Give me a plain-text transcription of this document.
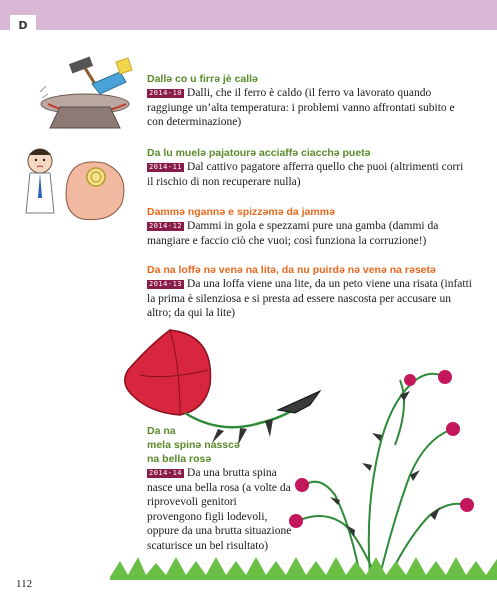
D
Dallə co u firrə jè callə
2014-10 Dalli, che il ferro è caldo (il ferro va lavorato quando raggiunge un’alta temperatura: i problemi vanno affrontati subito e con determinazione)
Da lu muelə pajatourə acciaffə ciacchə puetə
2014-11 Dal cattivo pagatore afferra quello che puoi (altrimenti corri il rischio di non recuperare nulla)
Dammə ngannə e spizzəmə da jammə
2014-12 Dammi in gola e spezzami pure una gamba (dammi da mangiare e faccio ciò che vuoi; così funziona la corruzione!)
Da na loffə nə venə na litə, da nu puirdə nə venə na rəsetə
2014-13 Da una loffa viene una lite, da un peto viene una risata (infatti la prima è silenziosa e si presta ad essere nascosta per accusare un altro; da qui la lite)
Da na
mela spinə nasscə
na bella rosə
2014-14 Da una brutta spina nasce una bella rosa (a volte da riprovevoli genitori provengono figli lodevoli, oppure da una brutta situazione scaturisce un bel risultato)
112
